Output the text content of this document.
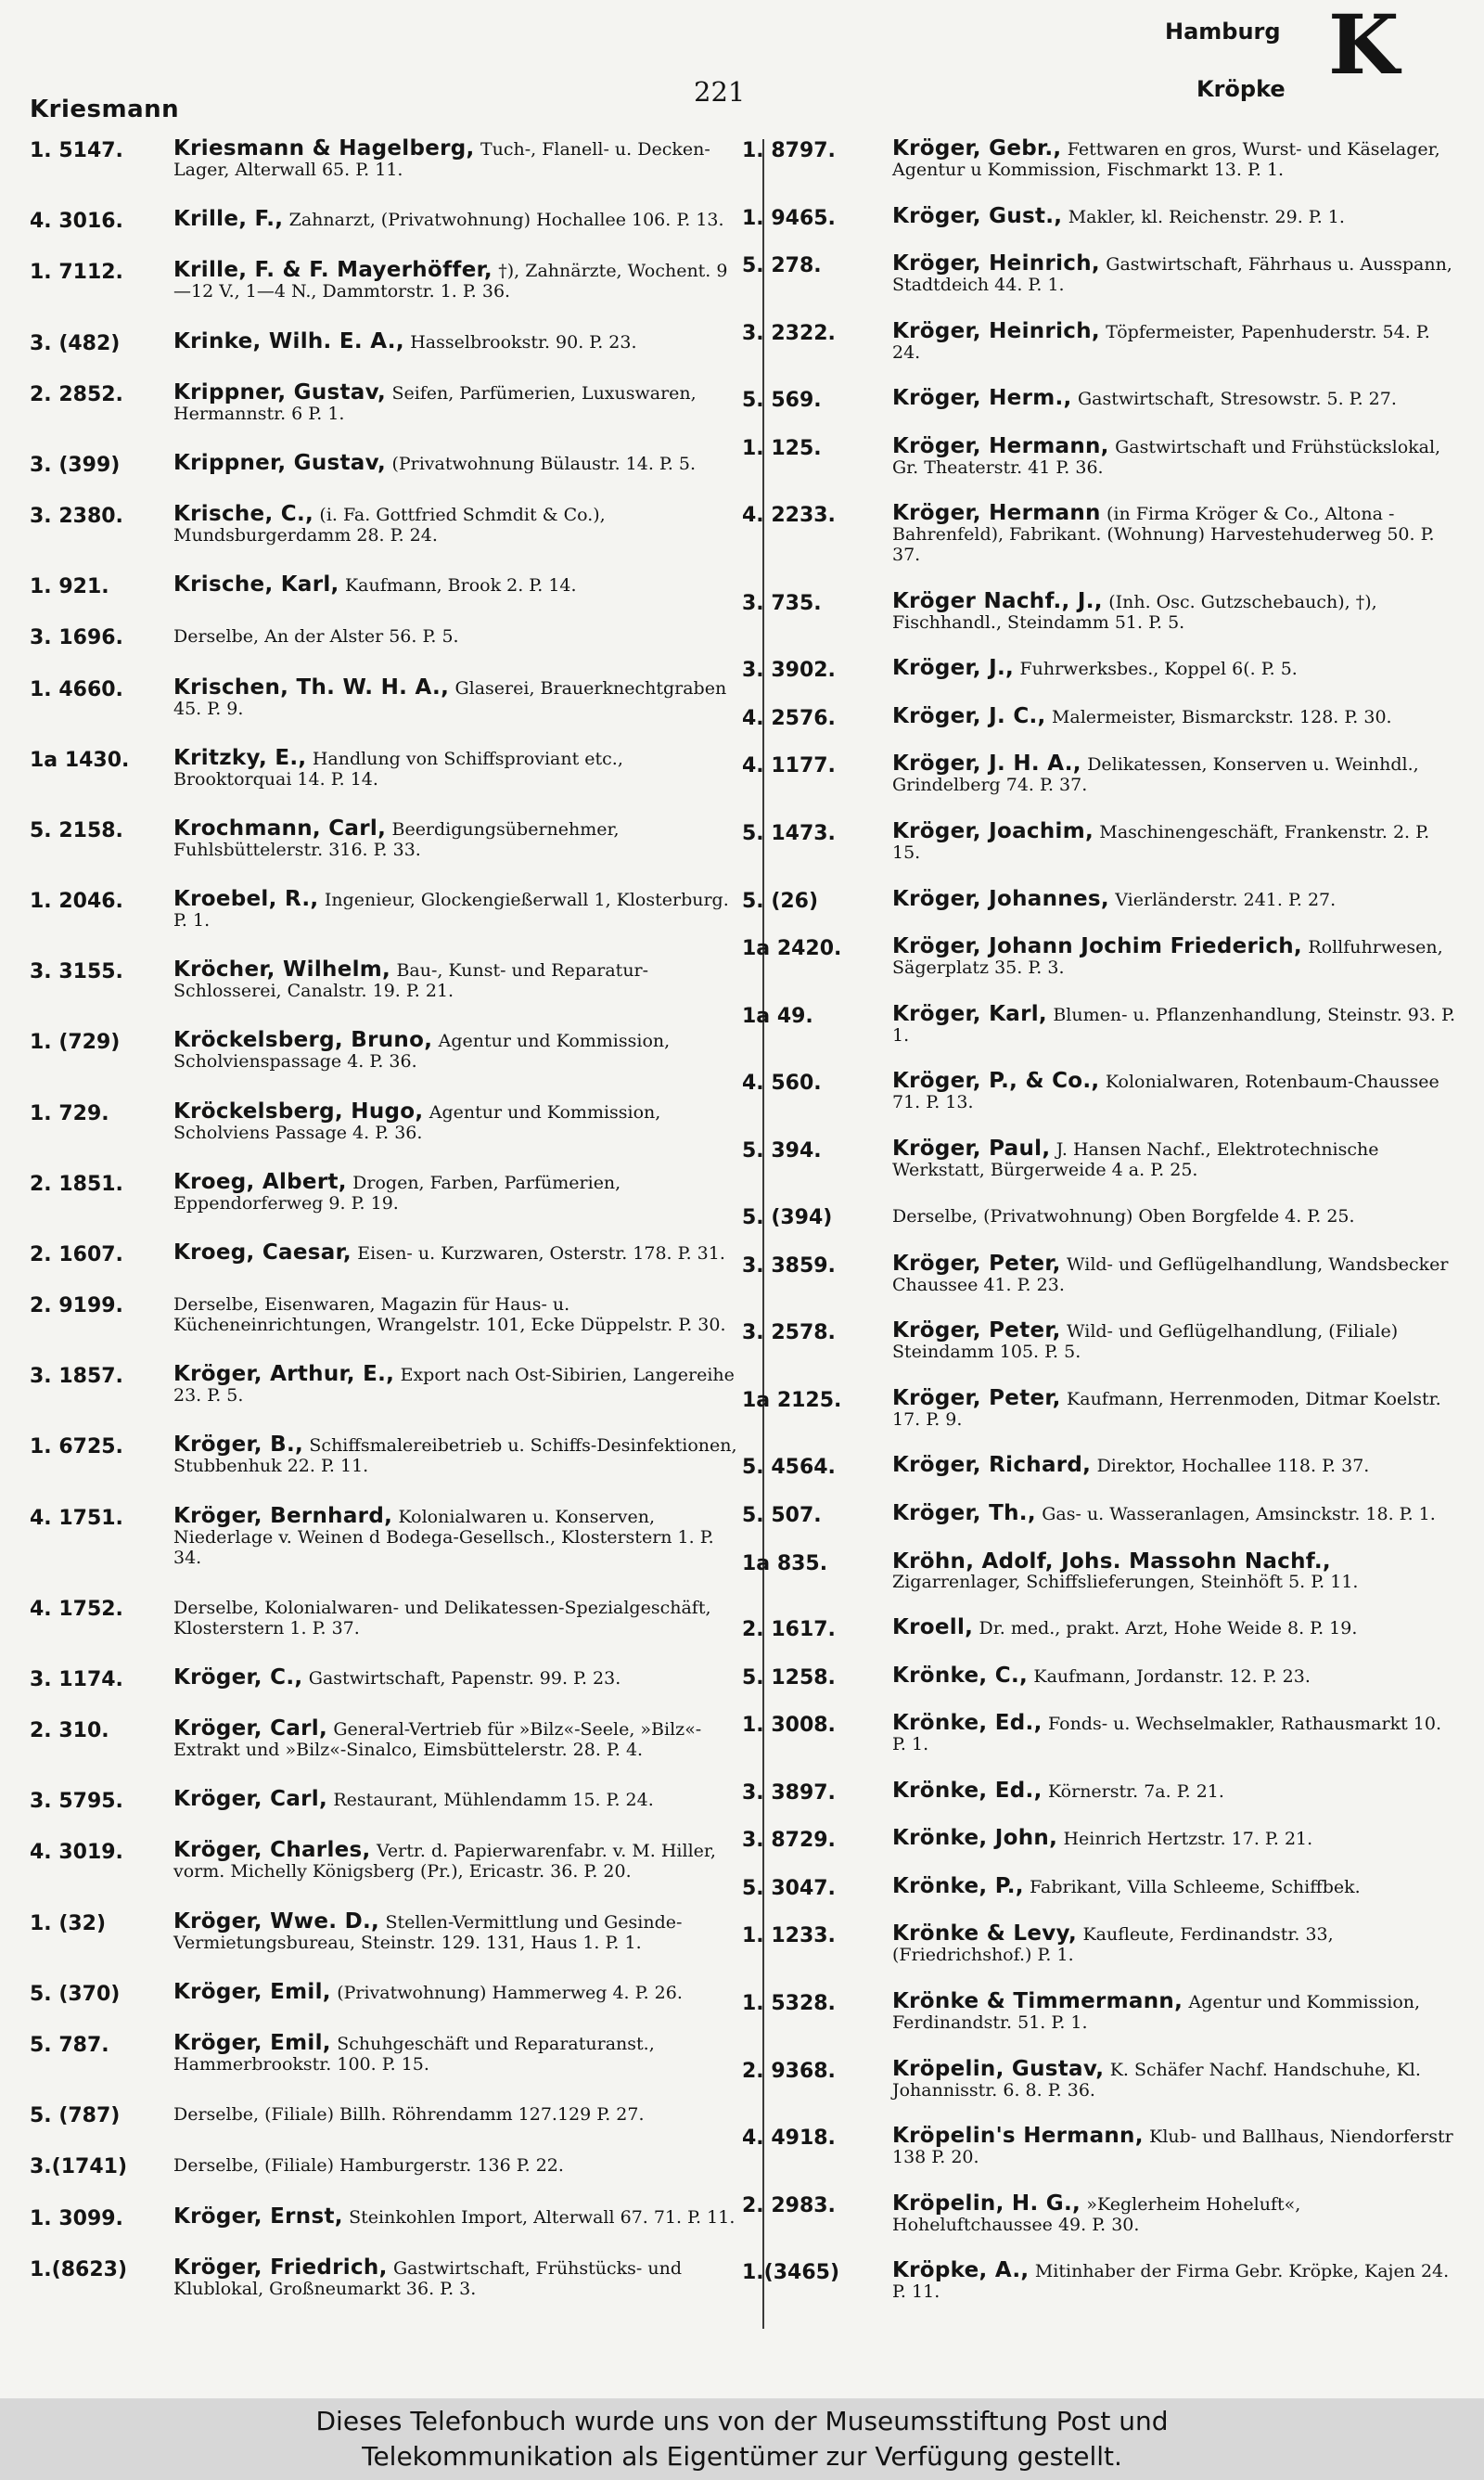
Kriesmann
221
Hamburg
Kröpke K
1. 5147.	Kriesmann & Hagelberg, Tuch-, Flanell- u. Decken-Lager, Alterwall 65. P. 11.
4. 3016.	Krille, F., Zahnarzt, (Privatwohnung) Hochallee 106. P. 13.
1. 7112.	Krille, F. & F. Mayerhöffer, †), Zahnärzte, Wochent. 9—12 V., 1—4 N., Dammtorstr. 1. P. 36.
3. (482)	Krinke, Wilh. E. A., Hasselbrookstr. 90. P. 23.
2. 2852.	Krippner, Gustav, Seifen, Parfümerien, Luxuswaren, Hermannstr. 6 P. 1.
3. (399)	Krippner, Gustav, (Privatwohnung Bülaustr. 14. P. 5.
3. 2380.	Krische, C., (i. Fa. Gottfried Schmdit & Co.), Mundsburgerdamm 28. P. 24.
1. 921.	Krische, Karl, Kaufmann, Brook 2. P. 14.
3. 1696.	Derselbe, An der Alster 56. P. 5.
1. 4660.	Krischen, Th. W. H. A., Glaserei, Brauerknechtgraben 45. P. 9.
1a 1430.	Kritzky, E., Handlung von Schiffsproviant etc., Brooktorquai 14. P. 14.
5. 2158.	Krochmann, Carl, Beerdigungsübernehmer, Fuhlsbüttelerstr. 316. P. 33.
1. 2046.	Kroebel, R., Ingenieur, Glockengießerwall 1, Klosterburg. P. 1.
3. 3155.	Kröcher, Wilhelm, Bau-, Kunst- und Reparatur-Schlosserei, Canalstr. 19. P. 21.
1. (729)	Kröckelsberg, Bruno, Agentur und Kommission, Scholvienspassage 4. P. 36.
1. 729.	Kröckelsberg, Hugo, Agentur und Kommission, Scholviens Passage 4. P. 36.
2. 1851.	Kroeg, Albert, Drogen, Farben, Parfümerien, Eppendorferweg 9. P. 19.
2. 1607.	Kroeg, Caesar, Eisen- u. Kurzwaren, Osterstr. 178. P. 31.
2. 9199.	Derselbe, Eisenwaren, Magazin für Haus- u. Kücheneinrichtungen, Wrangelstr. 101, Ecke Düppelstr. P. 30.
3. 1857.	Kröger, Arthur, E., Export nach Ost-Sibirien, Langereihe 23. P. 5.
1. 6725.	Kröger, B., Schiffsmalereibetrieb u. Schiffs-Desinfektionen, Stubbenhuk 22. P. 11.
4. 1751.	Kröger, Bernhard, Kolonialwaren u. Konserven, Niederlage v. Weinen d Bodega-Gesellsch., Klosterstern 1. P. 34.
4. 1752.	Derselbe, Kolonialwaren- und Delikatessen-Spezialgeschäft, Klosterstern 1. P. 37.
3. 1174.	Kröger, C., Gastwirtschaft, Papenstr. 99. P. 23.
2. 310.	Kröger, Carl, General-Vertrieb für »Bilz«-Seele, »Bilz«-Extrakt und »Bilz«-Sinalco, Eimsbüttelerstr. 28. P. 4.
3. 5795.	Kröger, Carl, Restaurant, Mühlendamm 15. P. 24.
4. 3019.	Kröger, Charles, Vertr. d. Papierwarenfabr. v. M. Hiller, vorm. Michelly Königsberg (Pr.), Ericastr. 36. P. 20.
1. (32)	Kröger, Wwe. D., Stellen-Vermittlung und Gesinde-Vermietungsbureau, Steinstr. 129. 131, Haus 1. P. 1.
5. (370)	Kröger, Emil, (Privatwohnung) Hammerweg 4. P. 26.
5. 787.	Kröger, Emil, Schuhgeschäft und Reparaturanst., Hammerbrookstr. 100. P. 15.
5. (787)	Derselbe, (Filiale) Billh. Röhrendamm 127.129 P. 27.
3.(1741)	Derselbe, (Filiale) Hamburgerstr. 136 P. 22.
1. 3099.	Kröger, Ernst, Steinkohlen Import, Alterwall 67. 71. P. 11.
1.(8623)	Kröger, Friedrich, Gastwirtschaft, Frühstücks- und Klublokal, Großneumarkt 36. P. 3.
1. 8797.	Kröger, Gebr., Fettwaren en gros, Wurst- und Käselager, Agentur u Kommission, Fischmarkt 13. P. 1.
1. 9465.	Kröger, Gust., Makler, kl. Reichenstr. 29. P. 1.
5. 278.	Kröger, Heinrich, Gastwirtschaft, Fährhaus u. Ausspann, Stadtdeich 44. P. 1.
3. 2322.	Kröger, Heinrich, Töpfermeister, Papenhuderstr. 54. P. 24.
5. 569.	Kröger, Herm., Gastwirtschaft, Stresowstr. 5. P. 27.
1. 125.	Kröger, Hermann, Gastwirtschaft und Frühstückslokal, Gr. Theaterstr. 41 P. 36.
4. 2233.	Kröger, Hermann (in Firma Kröger & Co., Altona - Bahrenfeld), Fabrikant. (Wohnung) Harvestehuderweg 50. P. 37.
3. 735.	Kröger Nachf., J., (Inh. Osc. Gutzschebauch), †), Fischhandl., Steindamm 51. P. 5.
3. 3902.	Kröger, J., Fuhrwerksbes., Koppel 6(. P. 5.
4. 2576.	Kröger, J. C., Malermeister, Bismarckstr. 128. P. 30.
4. 1177.	Kröger, J. H. A., Delikatessen, Konserven u. Weinhdl., Grindelberg 74. P. 37.
5. 1473.	Kröger, Joachim, Maschinengeschäft, Frankenstr. 2. P. 15.
5. (26)	Kröger, Johannes, Vierländerstr. 241. P. 27.
1a 2420.	Kröger, Johann Jochim Friederich, Rollfuhrwesen, Sägerplatz 35. P. 3.
1a 49.	Kröger, Karl, Blumen- u. Pflanzenhandlung, Steinstr. 93. P. 1.
4. 560.	Kröger, P., & Co., Kolonialwaren, Rotenbaum-Chaussee 71. P. 13.
5. 394.	Kröger, Paul, J. Hansen Nachf., Elektrotechnische Werkstatt, Bürgerweide 4 a. P. 25.
5. (394)	Derselbe, (Privatwohnung) Oben Borgfelde 4. P. 25.
3. 3859.	Kröger, Peter, Wild- und Geflügelhandlung, Wandsbecker Chaussee 41. P. 23.
3. 2578.	Kröger, Peter, Wild- und Geflügelhandlung, (Filiale) Steindamm 105. P. 5.
1a 2125.	Kröger, Peter, Kaufmann, Herrenmoden, Ditmar Koelstr. 17. P. 9.
5. 4564.	Kröger, Richard, Direktor, Hochallee 118. P. 37.
5. 507.	Kröger, Th., Gas- u. Wasseranlagen, Amsinckstr. 18. P. 1.
1a 835.	Kröhn, Adolf, Johs. Massohn Nachf., Zigarrenlager, Schiffslieferungen, Steinhöft 5. P. 11.
2. 1617.	Kroell, Dr. med., prakt. Arzt, Hohe Weide 8. P. 19.
5. 1258.	Krönke, C., Kaufmann, Jordanstr. 12. P. 23.
1. 3008.	Krönke, Ed., Fonds- u. Wechselmakler, Rathausmarkt 10. P. 1.
3. 3897.	Krönke, Ed., Körnerstr. 7a. P. 21.
3. 8729.	Krönke, John, Heinrich Hertzstr. 17. P. 21.
5. 3047.	Krönke, P., Fabrikant, Villa Schleeme, Schiffbek.
1. 1233.	Krönke & Levy, Kaufleute, Ferdinandstr. 33, (Friedrichshof.) P. 1.
1. 5328.	Krönke & Timmermann, Agentur und Kommission, Ferdinandstr. 51. P. 1.
2. 9368.	Kröpelin, Gustav, K. Schäfer Nachf. Handschuhe, Kl. Johannisstr. 6. 8. P. 36.
4. 4918.	Kröpelin's Hermann, Klub- und Ballhaus, Niendorferstr 138 P. 20.
2. 2983.	Kröpelin, H. G., »Keglerheim Hoheluft«, Hoheluftchaussee 49. P. 30.
1.(3465)	Kröpke, A., Mitinhaber der Firma Gebr. Kröpke, Kajen 24. P. 11.
Dieses Telefonbuch wurde uns von der Museumsstiftung Post und
Telekommunikation als Eigentümer zur Verfügung gestellt.
